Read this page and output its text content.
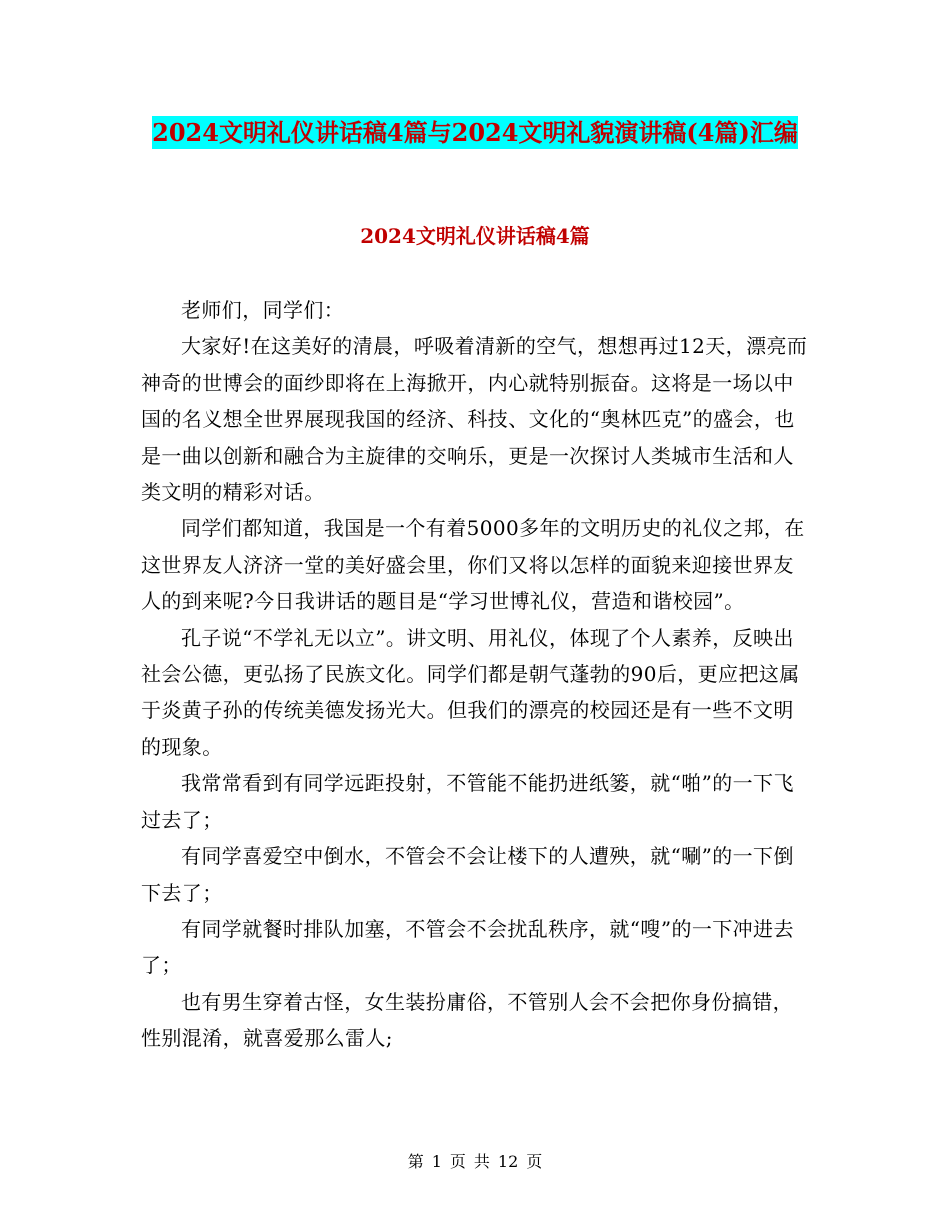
2024文明礼仪讲话稿4篇与2024文明礼貌演讲稿(4篇)汇编
2024文明礼仪讲话稿4篇

老师们，同学们：

大家好!在这美好的清晨，呼吸着清新的空气，想想再过12天，漂亮而神奇的世博会的面纱即将在上海掀开，内心就特别振奋。这将是一场以中国的名义想全世界展现我国的经济、科技、文化的“奥林匹克”的盛会，也是一曲以创新和融合为主旋律的交响乐，更是一次探讨人类城市生活和人类文明的精彩对话。

同学们都知道，我国是一个有着5000多年的文明历史的礼仪之邦，在这世界友人济济一堂的美好盛会里，你们又将以怎样的面貌来迎接世界友人的到来呢?今日我讲话的题目是“学习世博礼仪，营造和谐校园”。

孔子说“不学礼无以立”。讲文明、用礼仪，体现了个人素养，反映出社会公德，更弘扬了民族文化。同学们都是朝气蓬勃的90后，更应把这属于炎黄子孙的传统美德发扬光大。但我们的漂亮的校园还是有一些不文明的现象。

我常常看到有同学远距投射，不管能不能扔进纸篓，就“啪”的一下飞过去了；

有同学喜爱空中倒水，不管会不会让楼下的人遭殃，就“唰”的一下倒下去了；

有同学就餐时排队加塞，不管会不会扰乱秩序，就“嗖”的一下冲进去了；

也有男生穿着古怪，女生装扮庸俗，不管别人会不会把你身份搞错，性别混淆，就喜爱那么雷人;

第 1 页 共 12 页
